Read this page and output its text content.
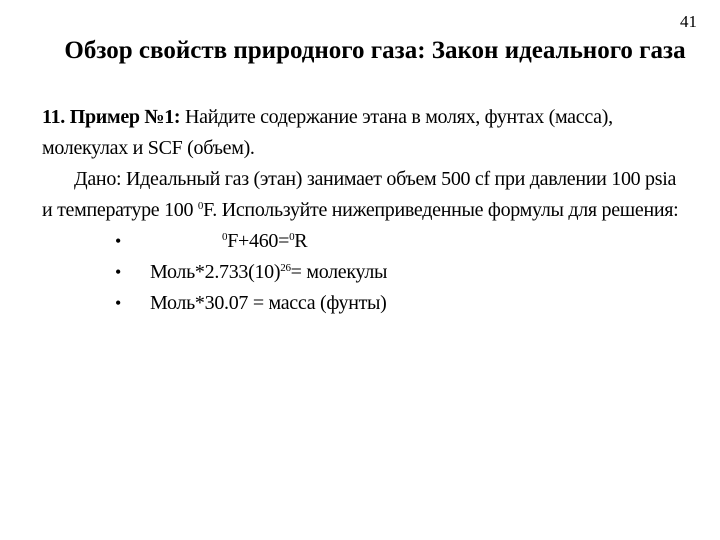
41
Обзор свойств природного газа: Закон идеального газа

11. Пример №1: Найдите содержание этана в молях, фунтах (масса), молекулах и SCF (объем).

Дано: Идеальный газ (этан) занимает объем 500 cf при давлении 100 psia и температуре 100 $^0$F. Используйте нижеприведенные формулы для решения:

•	$^0$F+460=$^0$R
• $Моль*2.733(10)^{26}=$ молекулы
• Моль*30.07 = масса (фунты)
